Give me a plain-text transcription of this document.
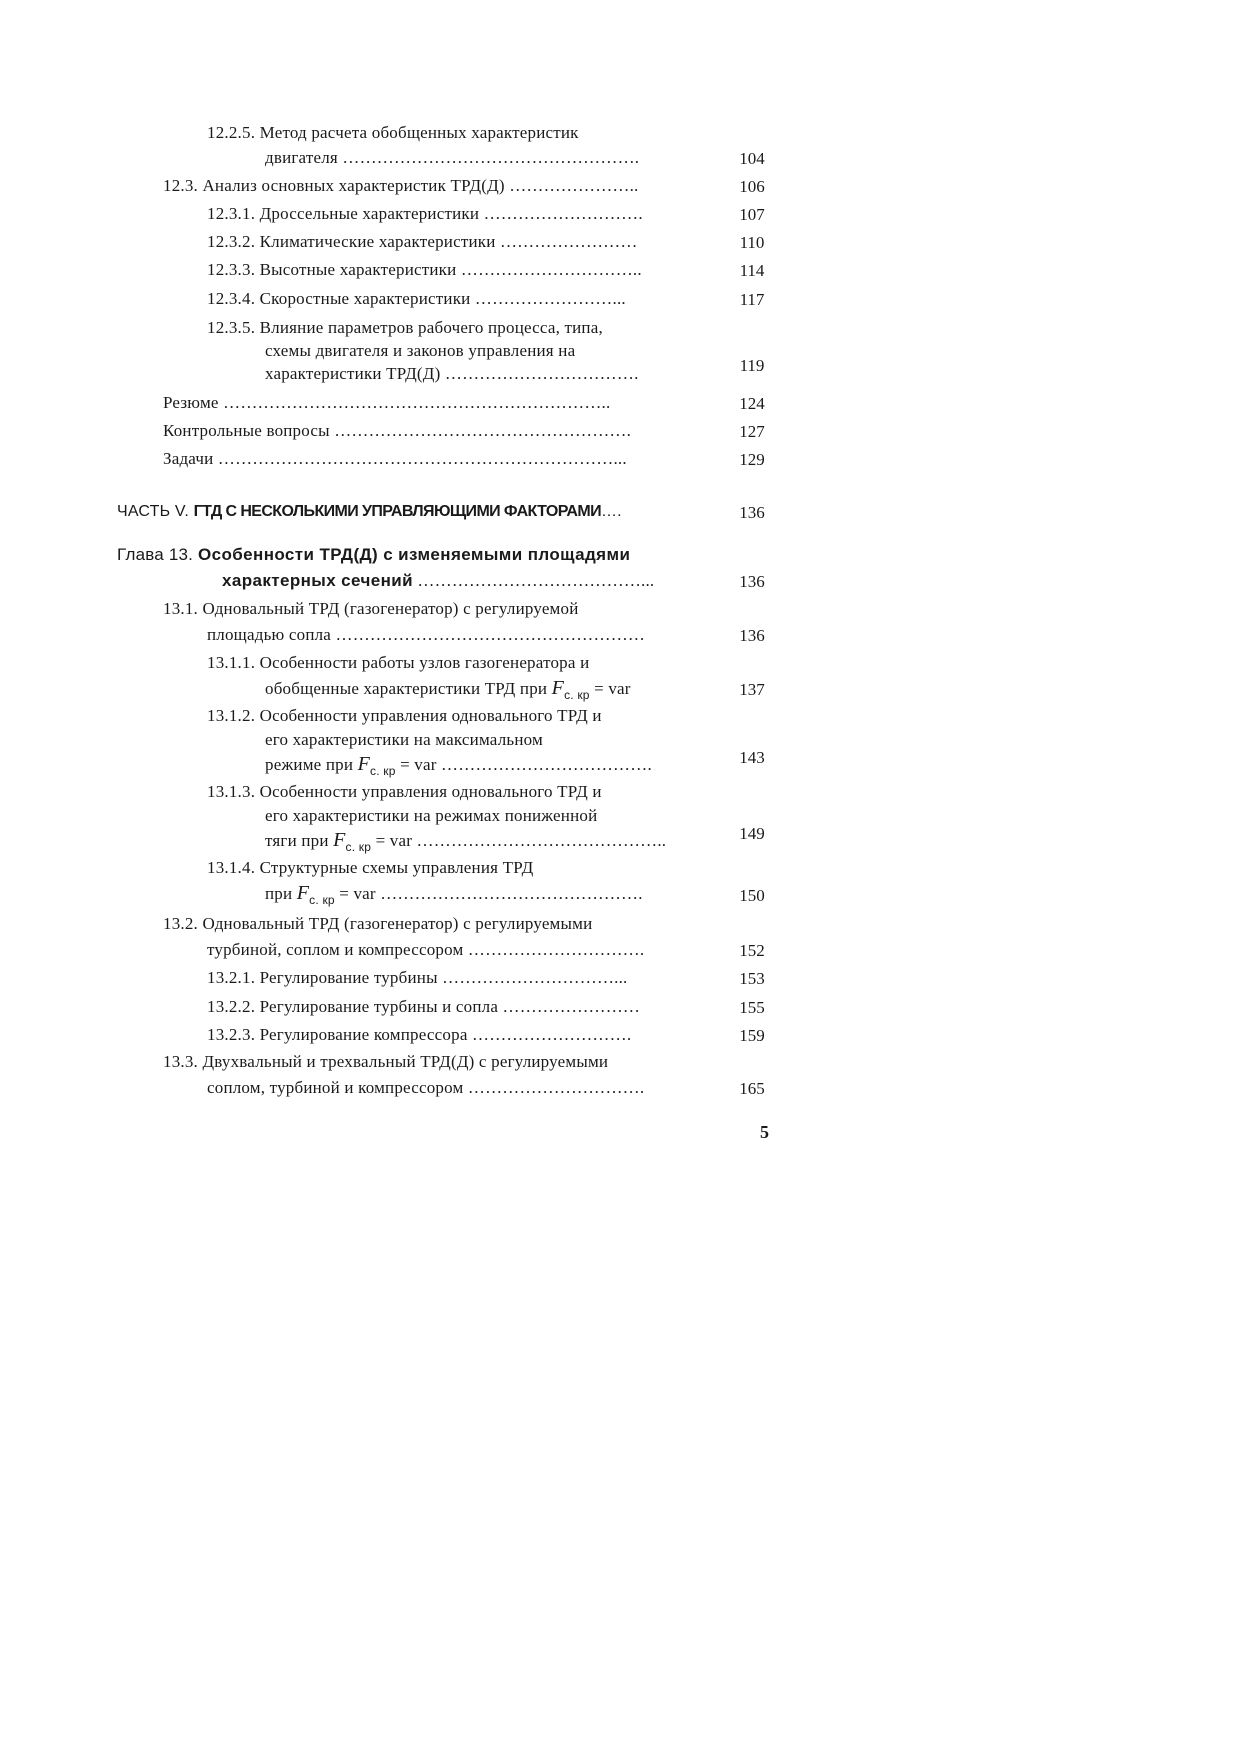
12.2.5. Метод расчета обобщенных характеристик
двигателя …………………………………………….	104
12.3. Анализ основных характеристик ТРД(Д) …………………..	106
12.3.1. Дроссельные характеристики ……………………….	107
12.3.2. Климатические характеристики ……………………	110
12.3.3. Высотные характеристики …………………………..	114
12.3.4. Скоростные характеристики ……………………...	117
12.3.5. Влияние параметров рабочего процесса, типа,
схемы двигателя и законов управления на
характеристики ТРД(Д) …………………………….	119
Резюме …………………………………………………………..	124
Контрольные вопросы …………………………………………….	127
Задачи ……………………………………………………………...	129
ЧАСТЬ V. ГТД С НЕСКОЛЬКИМИ УПРАВЛЯЮЩИМИ ФАКТОРАМИ….	136
Глава 13. Особенности ТРД(Д) с изменяемыми площадями
характерных сечений …………………………………...	136
13.1. Одновальный ТРД (газогенератор) с регулируемой
площадью сопла ………………………………………………	136
13.1.1. Особенности работы узлов газогенератора и
обобщенные характеристики ТРД при $F_{с. кр}$ = var	137
13.1.2. Особенности управления одновального ТРД и
его характеристики на максимальном
режиме при $F_{с. кр}$ = var ……………………………….	143
13.1.3. Особенности управления одновального ТРД и
его характеристики на режимах пониженной
тяги при $F_{с. кр}$ = var ……………………………………..	149
13.1.4. Структурные схемы управления ТРД
при $F_{с. кр}$ = var ……………………………………….	150
13.2. Одновальный ТРД (газогенератор) с регулируемыми
турбиной, соплом и компрессором ………………………….	152
13.2.1. Регулирование турбины …………………………...	153
13.2.2. Регулирование турбины и сопла ……………………	155
13.2.3. Регулирование компрессора ……………………….	159
13.3. Двухвальный и трехвальный ТРД(Д) с регулируемыми
соплом, турбиной и компрессором ………………………….	165
5
